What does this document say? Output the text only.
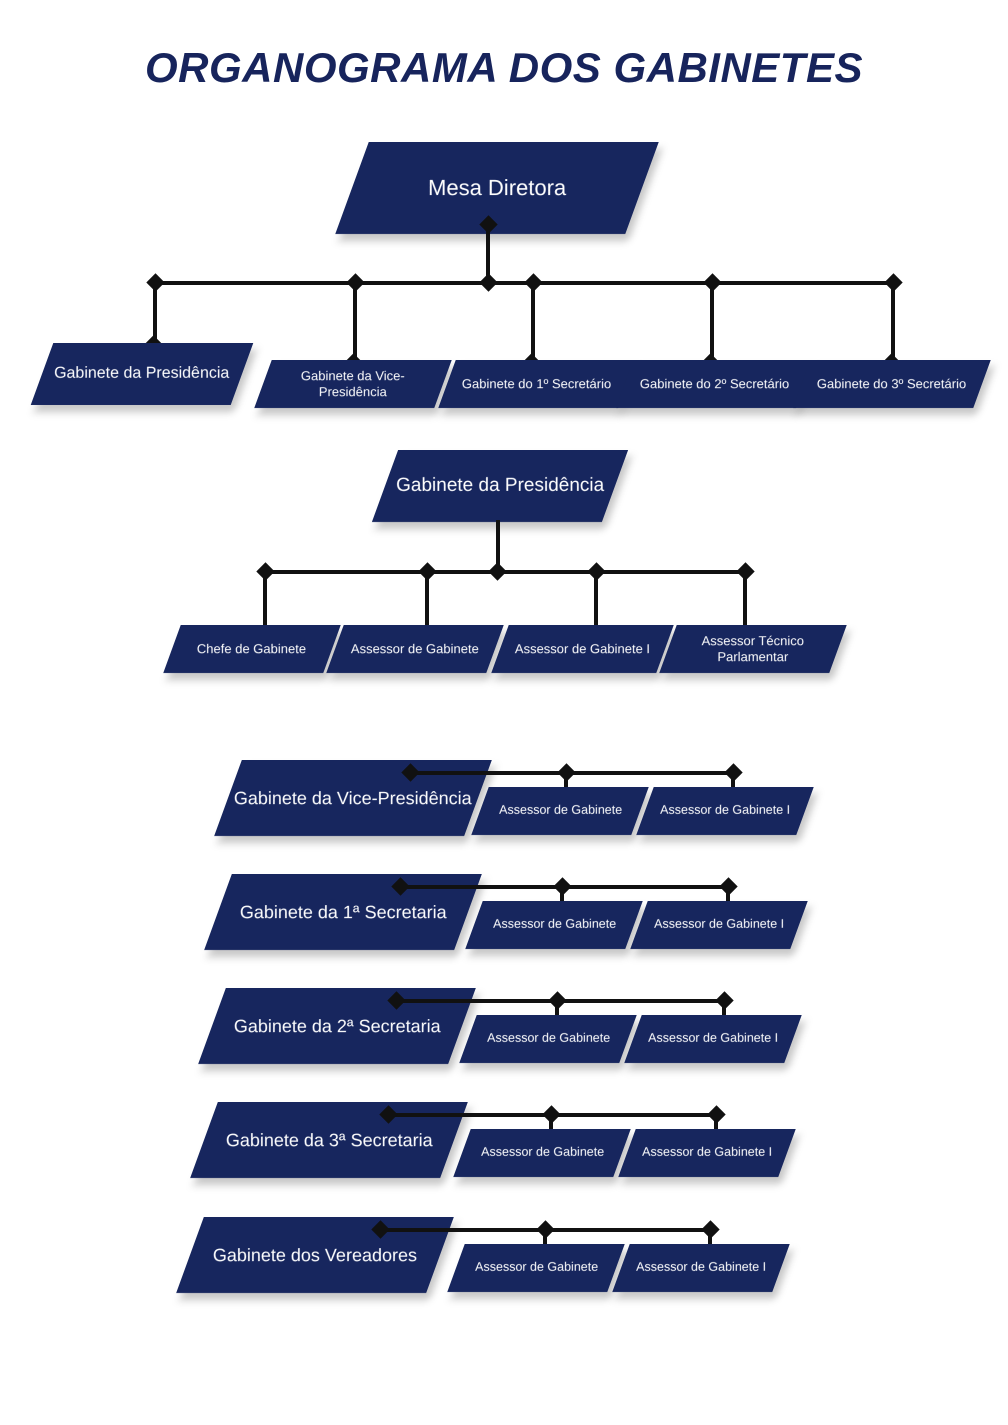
ORGANOGRAMA DOS GABINETES
Mesa Diretora
Gabinete da Presidência	Gabinete da Vice-Presidência
Gabinete do 1º Secretário	Gabinete do 2º Secretário	Gabinete do 3º Secretário
Gabinete da Presidência
Chefe de Gabinete	Assessor de Gabinete	Assessor de Gabinete I
Assessor Técnico Parlamentar
Gabinete da Vice-Presidência
Assessor de Gabinete	Assessor de Gabinete I
Gabinete da 1ª Secretaria
Assessor de Gabinete	Assessor de Gabinete I
Gabinete da 2ª Secretaria
Assessor de Gabinete	Assessor de Gabinete I
Gabinete da 3ª Secretaria
Assessor de Gabinete	Assessor de Gabinete I
Gabinete dos Vereadores
Assessor de Gabinete	Assessor de Gabinete I
